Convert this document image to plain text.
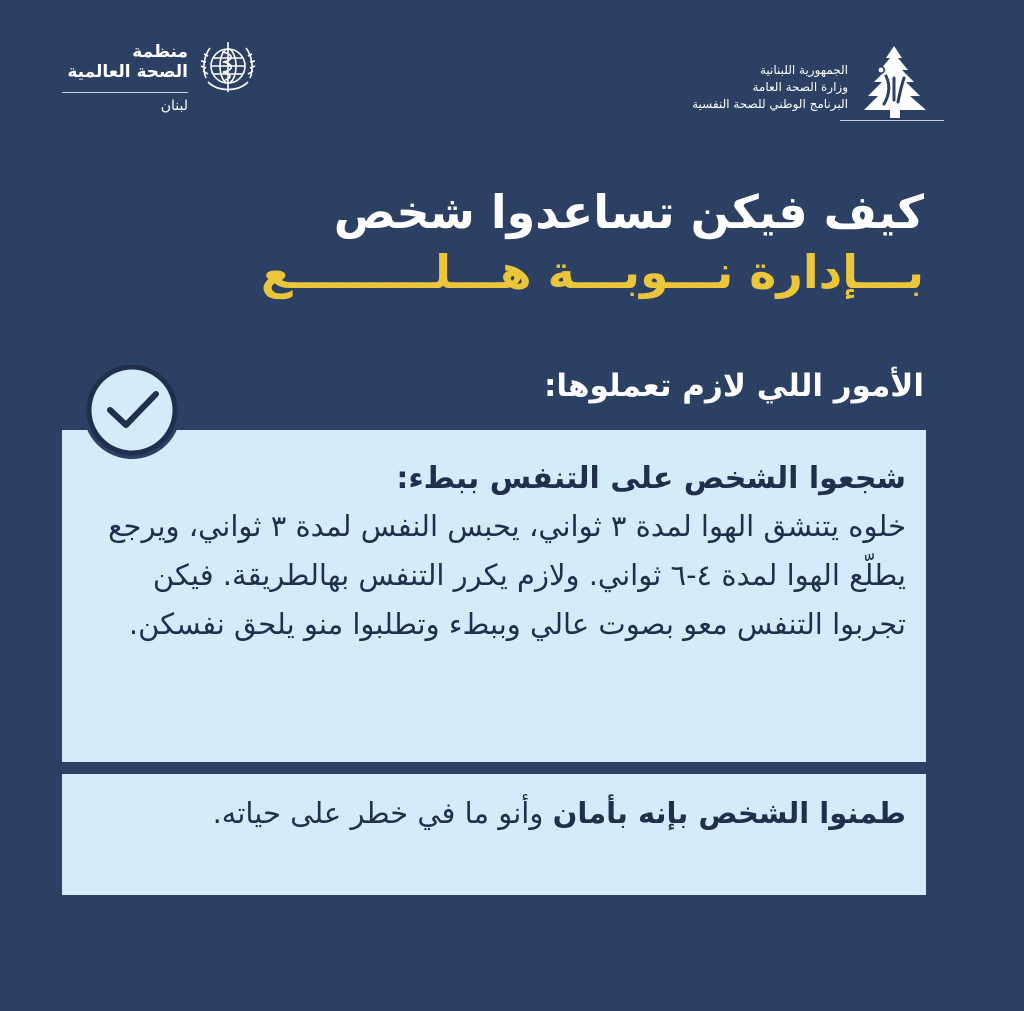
منظمة
الصحة العالمية
لبنان
الجمهورية اللبنانية
وزارة الصحة العامة
البرنامج الوطني للصحة النفسية
كيف فيكن تساعدوا شخص
بـــإدارة نـــوبـــة هـــلـــــــــع
الأمور اللي لازم تعملوها:
شجعوا الشخص على التنفس ببطء:
خلوه يتنشق الهوا لمدة ٣ ثواني، يحبس النفس لمدة ٣ ثواني، ويرجع يطلّع الهوا لمدة ٤-٦ ثواني. ولازم يكرر التنفس بهالطريقة. فيكن تجربوا التنفس معو بصوت عالي وببطء وتطلبوا منو يلحق نفسكن.
طمنوا الشخص بإنه بأمان وأنو ما في خطر على حياته.
